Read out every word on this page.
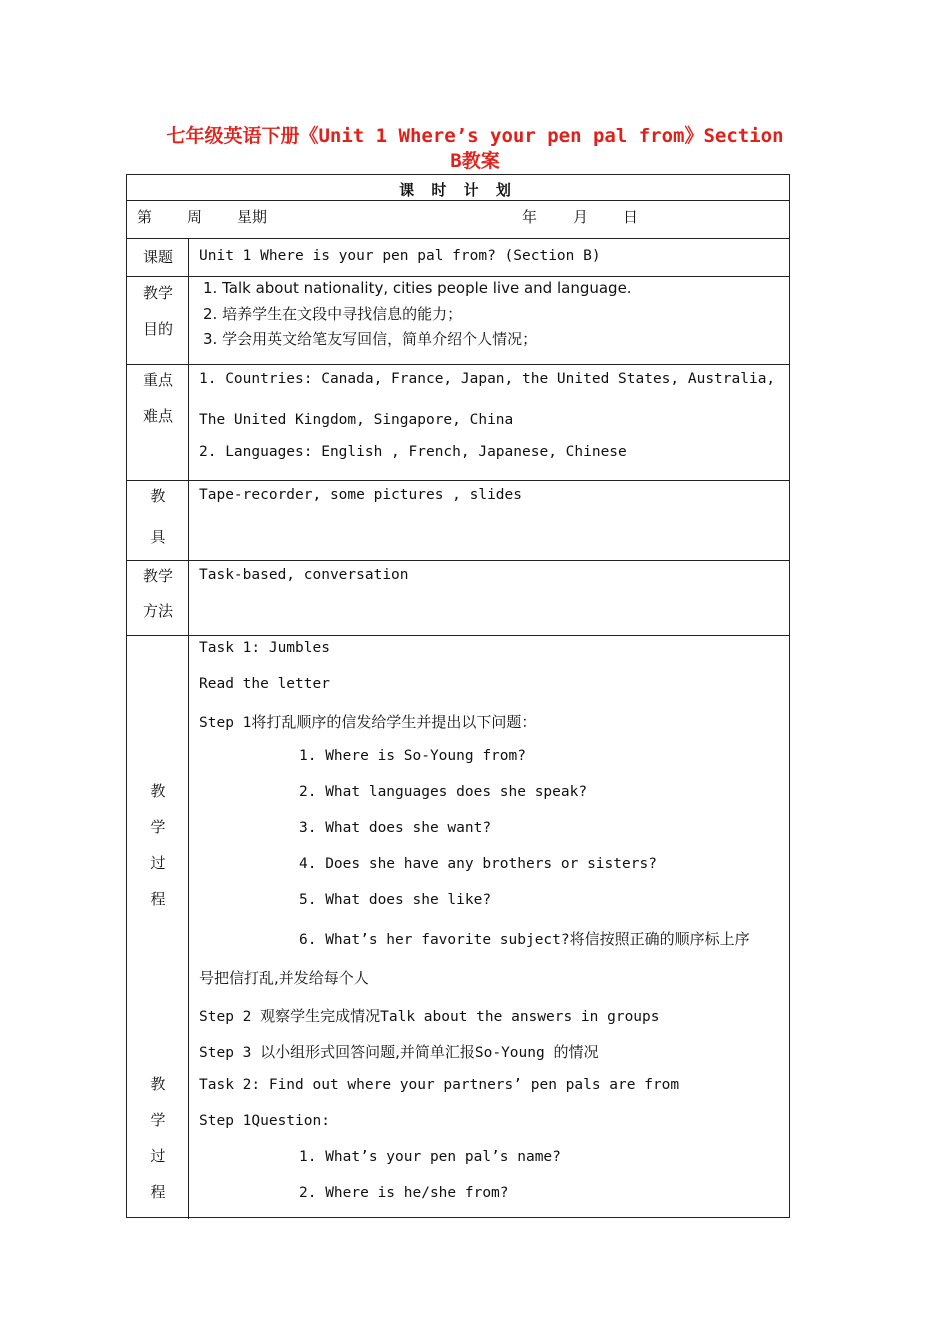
七年级英语下册《Unit 1 Where’s your pen pal from》Section
B教案
课 时 计 划
第 周 星期	年 月 日
课题	Unit 1 Where is your pen pal from? (Section B)
教学
目的
1. Talk about nationality, cities people live and language.
2. 培养学生在文段中寻找信息的能力；
3. 学会用英文给笔友写回信，简单介绍个人情况；
重点
难点
1. Countries: Canada, France, Japan, the United States, Australia,
The United Kingdom, Singapore, China
2. Languages: English , French, Japanese, Chinese
教
具
Tape-recorder, some pictures , slides
教学
方法
Task-based, conversation
教
学
过
程
教
学
过
程
Task 1: Jumbles
Read the letter
Step 1将打乱顺序的信发给学生并提出以下问题：
1. Where is So-Young from?
2. What languages does she speak?
3. What does she want?
4. Does she have any brothers or sisters?
5. What does she like?
6. What’s her favorite subject?将信按照正确的顺序标上序
号把信打乱,并发给每个人
Step 2 观察学生完成情况Talk about the answers in groups
Step 3 以小组形式回答问题,并简单汇报So-Young 的情况
Task 2: Find out where your partners’ pen pals are from
Step 1Question:
1. What’s your pen pal’s name?
2. Where is he/she from?
